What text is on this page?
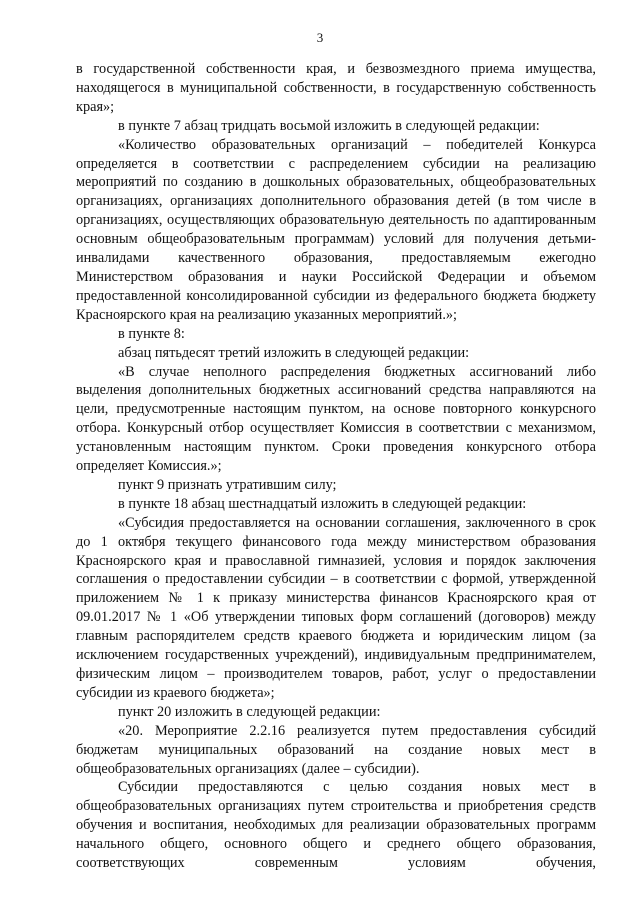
3

в государственной собственности края, и безвозмездного приема имущества, находящегося в муниципальной собственности, в государственную собственность края»;

в пункте 7 абзац тридцать восьмой изложить в следующей редакции:

«Количество образовательных организаций – победителей Конкурса определяется в соответствии с распределением субсидии на реализацию мероприятий по созданию в дошкольных образовательных, общеобразовательных организациях, организациях дополнительного образования детей (в том числе в организациях, осуществляющих образовательную деятельность по адаптированным основным общеобразовательным программам) условий для получения детьми-инвалидами качественного образования, предоставляемым ежегодно Министерством образования и науки Российской Федерации и объемом предоставленной консолидированной субсидии из федерального бюджета бюджету Красноярского края на реализацию указанных мероприятий.»;

в пункте 8:

абзац пятьдесят третий изложить в следующей редакции:

«В случае неполного распределения бюджетных ассигнований либо выделения дополнительных бюджетных ассигнований средства направляются на цели, предусмотренные настоящим пунктом, на основе повторного конкурсного отбора. Конкурсный отбор осуществляет Комиссия в соответствии с механизмом, установленным настоящим пунктом. Сроки проведения конкурсного отбора определяет Комиссия.»;

пункт 9 признать утратившим силу;

в пункте 18 абзац шестнадцатый изложить в следующей редакции:

«Субсидия предоставляется на основании соглашения, заключенного в срок до 1 октября текущего финансового года между министерством образования Красноярского края и православной гимназией, условия и порядок заключения соглашения о предоставлении субсидии – в соответствии с формой, утвержденной приложением № 1 к приказу министерства финансов Красноярского края от 09.01.2017 № 1 «Об утверждении типовых форм соглашений (договоров) между главным распорядителем средств краевого бюджета и юридическим лицом (за исключением государственных учреждений), индивидуальным предпринимателем, физическим лицом – производителем товаров, работ, услуг о предоставлении субсидии из краевого бюджета»;

пункт 20 изложить в следующей редакции:

«20. Мероприятие 2.2.16 реализуется путем предоставления субсидий бюджетам муниципальных образований на создание новых мест в общеобразовательных организациях (далее – субсидии).

Субсидии предоставляются с целью создания новых мест в общеобразовательных организациях путем строительства и приобретения средств обучения и воспитания, необходимых для реализации образовательных программ начального общего, основного общего и среднего общего образования, соответствующих современным условиям обучения,
